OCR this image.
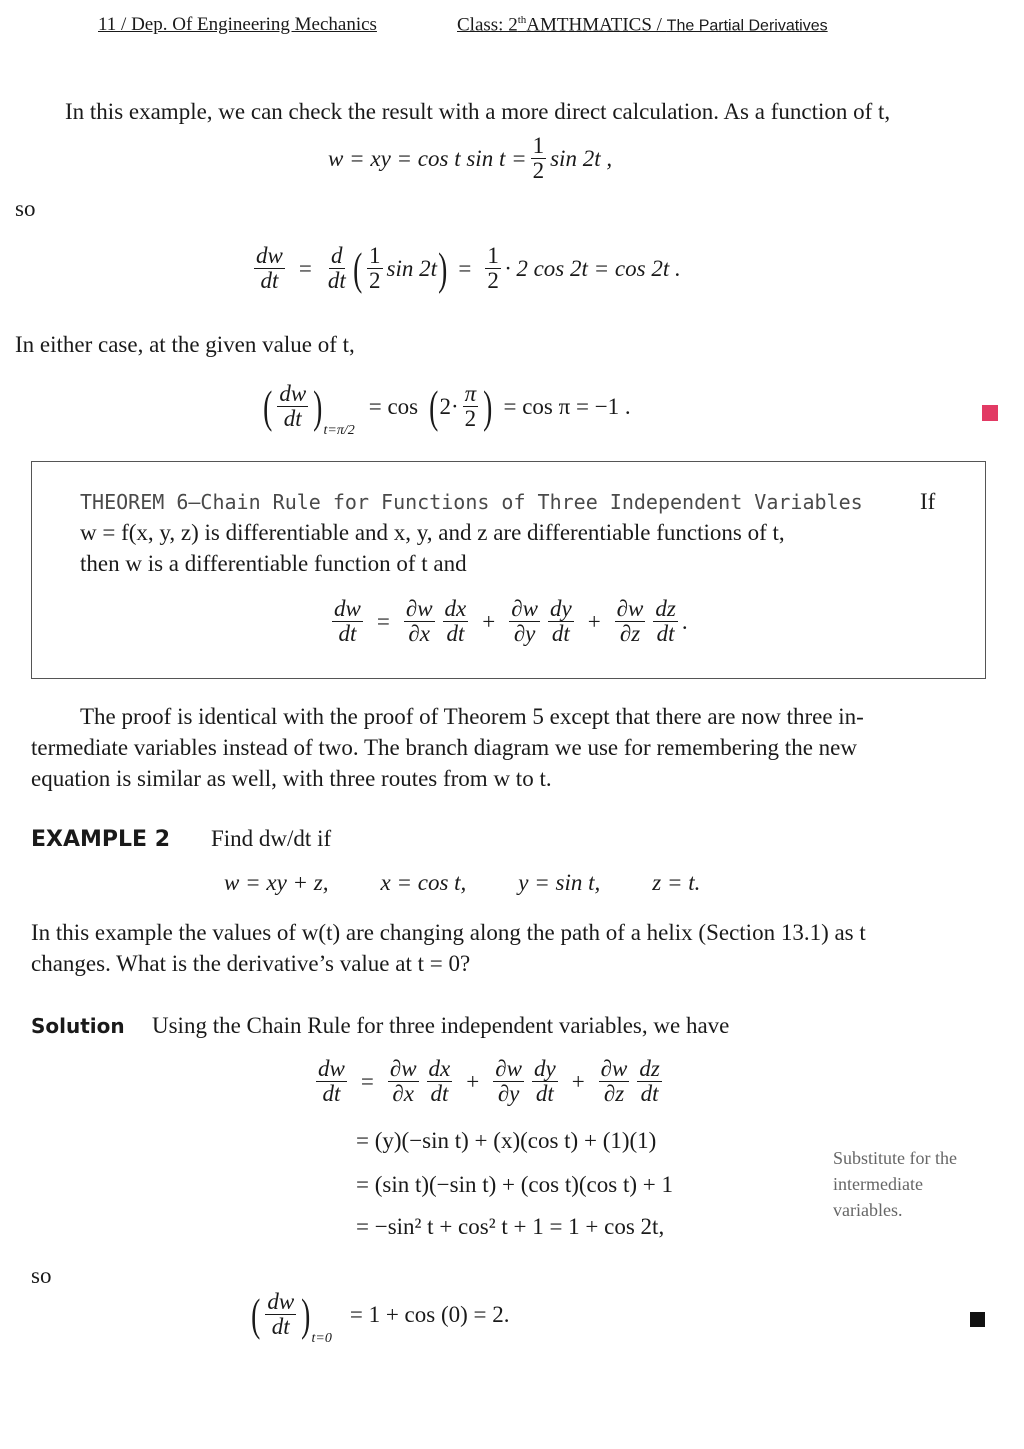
11 / Dep. Of Engineering Mechanics	Class: 2thAMTHMATICS / The Partial Derivatives
In this example, we can check the result with a more direct calculation. As a function of t,
w = xy = cos t $\sin t = \frac{1}{2}$ sin 2t ,
so
$\frac{dw}{dt} = \frac{d}{dt}$ ( $\frac{1}{2}$ sin 2t ) = $\frac{1}{2} \cdot 2$ cos 2t = cos 2t .
In either case, at the given value of t,
( $\frac{dw}{dt}$ ) t=π/2
= cos ( $2\cdot \frac{\pi}{2}$ ) = cos π = −1 .
THEOREM 6—Chain Rule for Functions of Three Independent Variables If
w = f(x, y, z) is differentiable and x, y, and z are differentiable functions of t,
then w is a differentiable function of t and
$\frac{dw}{dt} = \frac{\partial w}{\partial x} \frac{dx}{dt} + \frac{\partial w}{\partial y} \frac{dy}{dt} + \frac{\partial w}{\partial z} \frac{dz}{dt}$ .
The proof is identical with the proof of Theorem 5 except that there are now three in-
termediate variables instead of two. The branch diagram we use for remembering the new
equation is similar as well, with three routes from w to t.
EXAMPLE 2 Find dw/dt if
w = xy + z, x = cos t, y = sin t, z = t.
In this example the values of w(t) are changing along the path of a helix (Section 13.1) as t
changes. What is the derivative’s value at t = 0?
Solution Using the Chain Rule for three independent variables, we have
$\frac{dw}{dt} = \frac{\partial w}{\partial x} \frac{dx}{dt} + \frac{\partial w}{\partial y} \frac{dy}{dt} + \frac{\partial w}{\partial z} \frac{dz}{dt}$
= (y)(−sin t) + (x)(cos t) + (1)(1)
= (sin t)(−sin t) + (cos t)(cos t) + 1
= −sin² t + cos² t + 1 = 1 + cos 2t,
Substitute for the
intermediate
variables.
so
( $\frac{dw}{dt}$ ) t=0
= 1 + cos (0) = 2.
